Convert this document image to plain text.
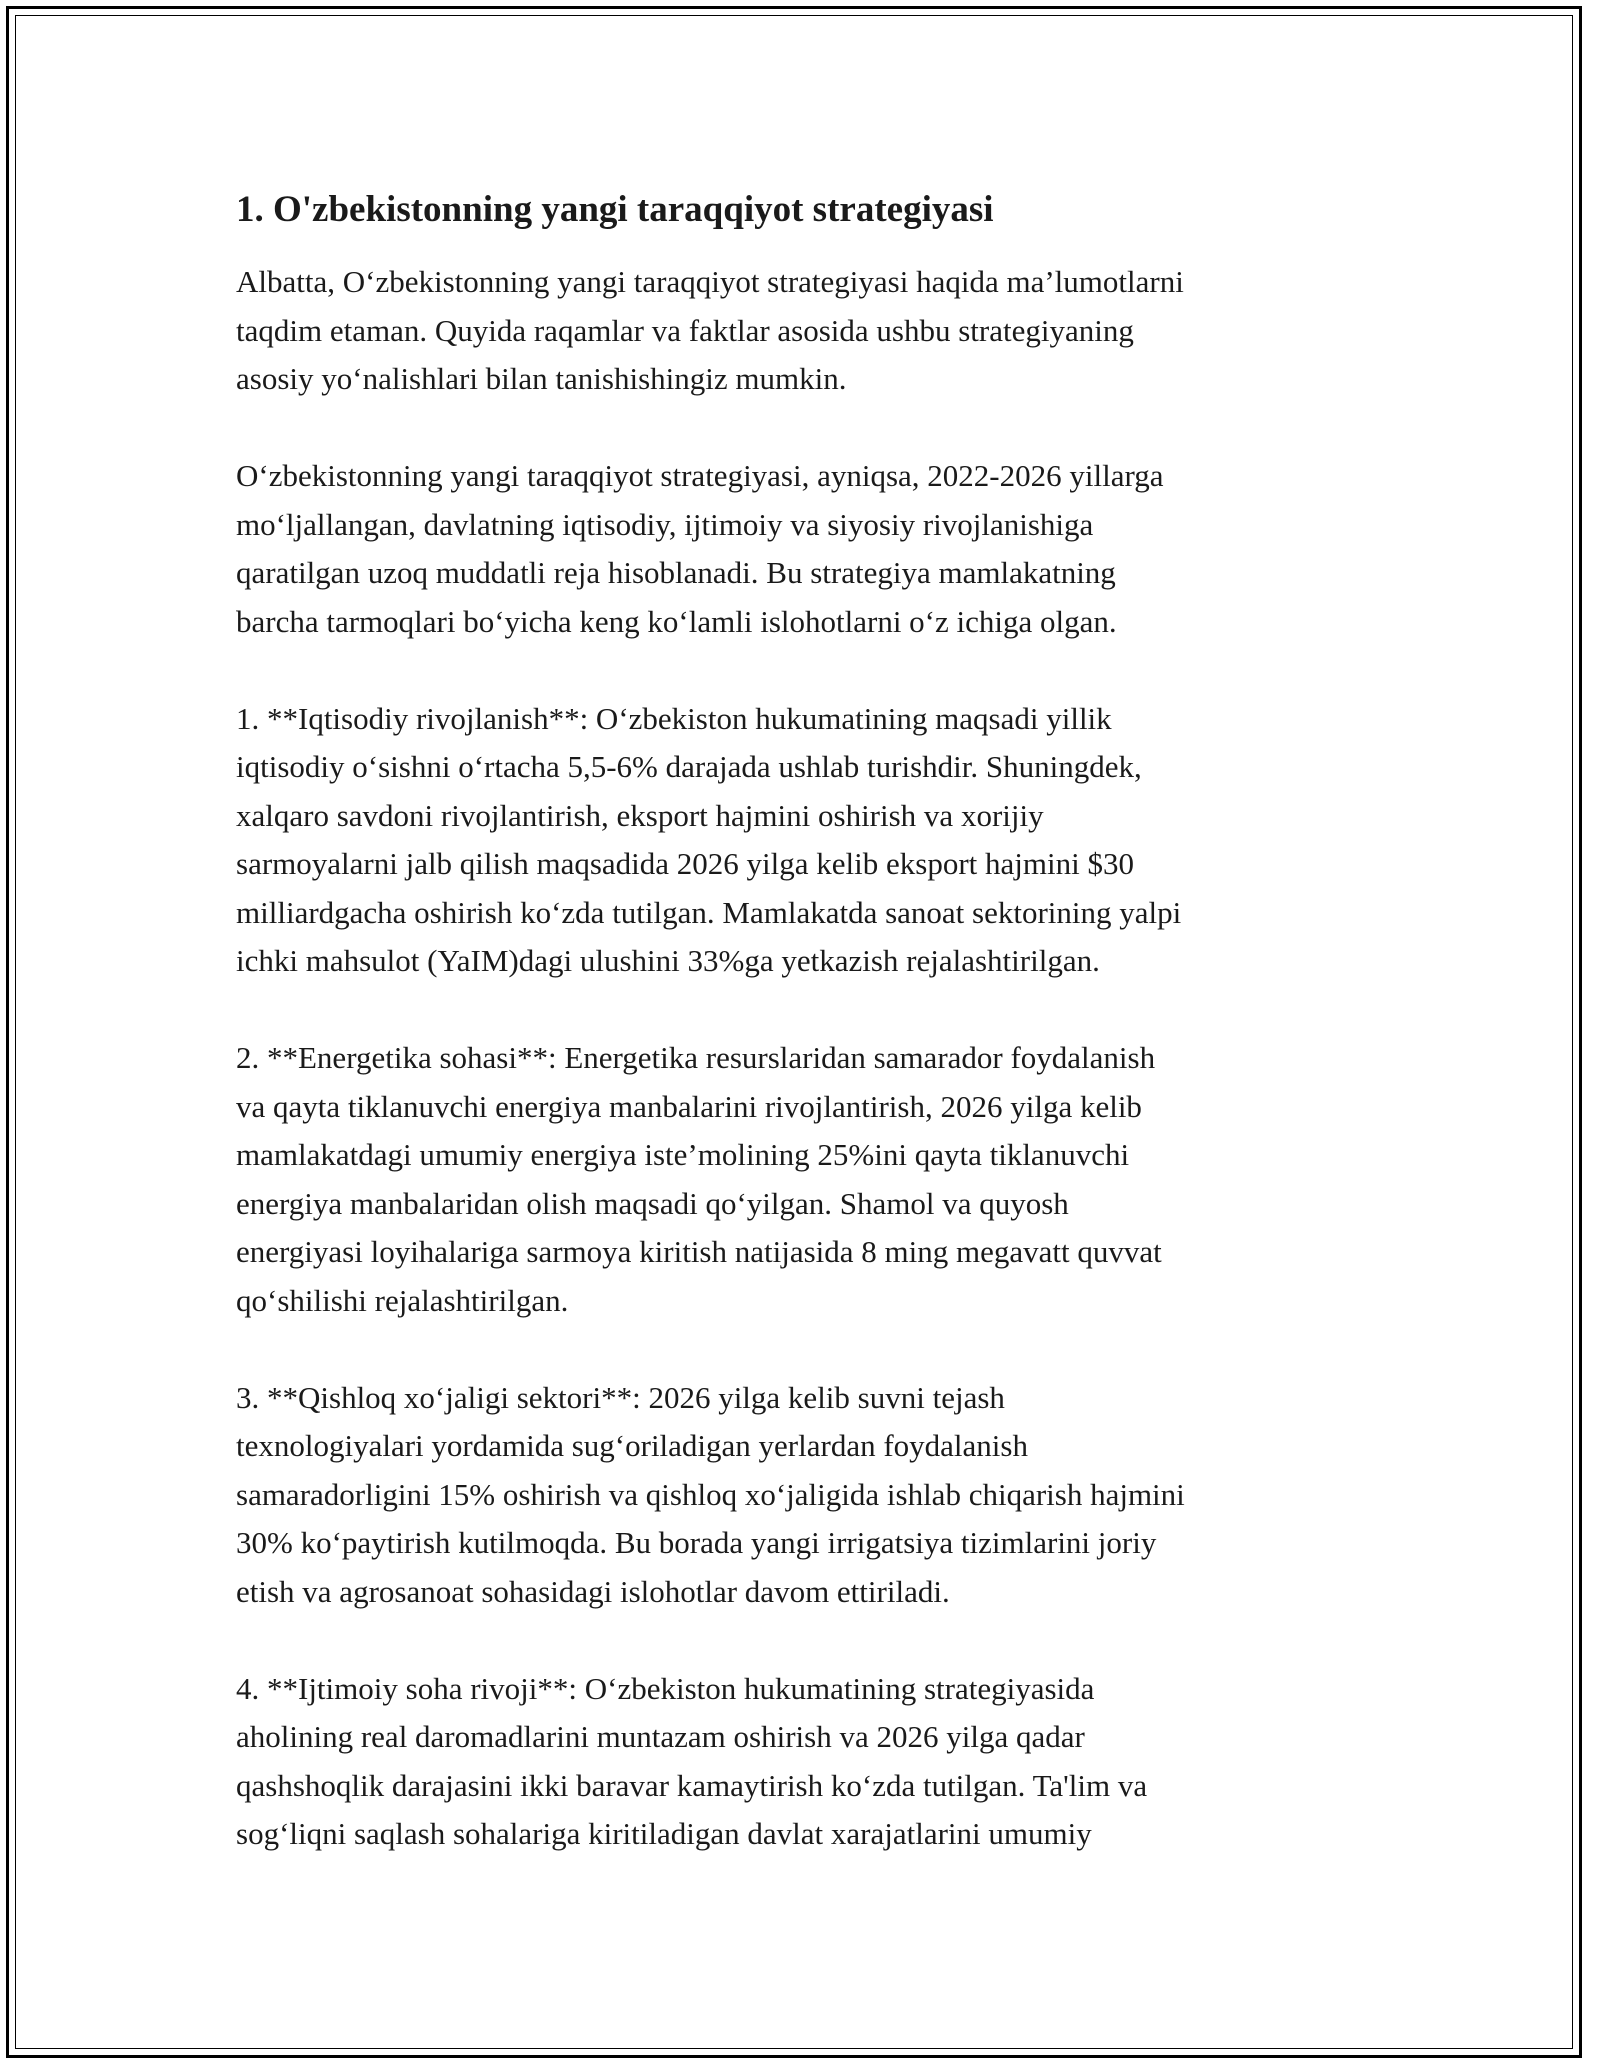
1. O'zbekistonning yangi taraqqiyot strategiyasi

Albatta, O‘zbekistonning yangi taraqqiyot strategiyasi haqida ma’lumotlarni
taqdim etaman. Quyida raqamlar va faktlar asosida ushbu strategiyaning
asosiy yo‘nalishlari bilan tanishishingiz mumkin.

O‘zbekistonning yangi taraqqiyot strategiyasi, ayniqsa, 2022-2026 yillarga
mo‘ljallangan, davlatning iqtisodiy, ijtimoiy va siyosiy rivojlanishiga
qaratilgan uzoq muddatli reja hisoblanadi. Bu strategiya mamlakatning
barcha tarmoqlari bo‘yicha keng ko‘lamli islohotlarni o‘z ichiga olgan.

1. **Iqtisodiy rivojlanish**: O‘zbekiston hukumatining maqsadi yillik
iqtisodiy o‘sishni o‘rtacha 5,5-6% darajada ushlab turishdir. Shuningdek,
xalqaro savdoni rivojlantirish, eksport hajmini oshirish va xorijiy
sarmoyalarni jalb qilish maqsadida 2026 yilga kelib eksport hajmini $30
milliardgacha oshirish ko‘zda tutilgan. Mamlakatda sanoat sektorining yalpi
ichki mahsulot (YaIM)dagi ulushini 33%ga yetkazish rejalashtirilgan.

2. **Energetika sohasi**: Energetika resurslaridan samarador foydalanish
va qayta tiklanuvchi energiya manbalarini rivojlantirish, 2026 yilga kelib
mamlakatdagi umumiy energiya iste’molining 25%ini qayta tiklanuvchi
energiya manbalaridan olish maqsadi qo‘yilgan. Shamol va quyosh
energiyasi loyihalariga sarmoya kiritish natijasida 8 ming megavatt quvvat
qo‘shilishi rejalashtirilgan.

3. **Qishloq xo‘jaligi sektori**: 2026 yilga kelib suvni tejash
texnologiyalari yordamida sug‘oriladigan yerlardan foydalanish
samaradorligini 15% oshirish va qishloq xo‘jaligida ishlab chiqarish hajmini
30% ko‘paytirish kutilmoqda. Bu borada yangi irrigatsiya tizimlarini joriy
etish va agrosanoat sohasidagi islohotlar davom ettiriladi.

4. **Ijtimoiy soha rivoji**: O‘zbekiston hukumatining strategiyasida
aholining real daromadlarini muntazam oshirish va 2026 yilga qadar
qashshoqlik darajasini ikki baravar kamaytirish ko‘zda tutilgan. Ta'lim va
sog‘liqni saqlash sohalariga kiritiladigan davlat xarajatlarini umumiy
